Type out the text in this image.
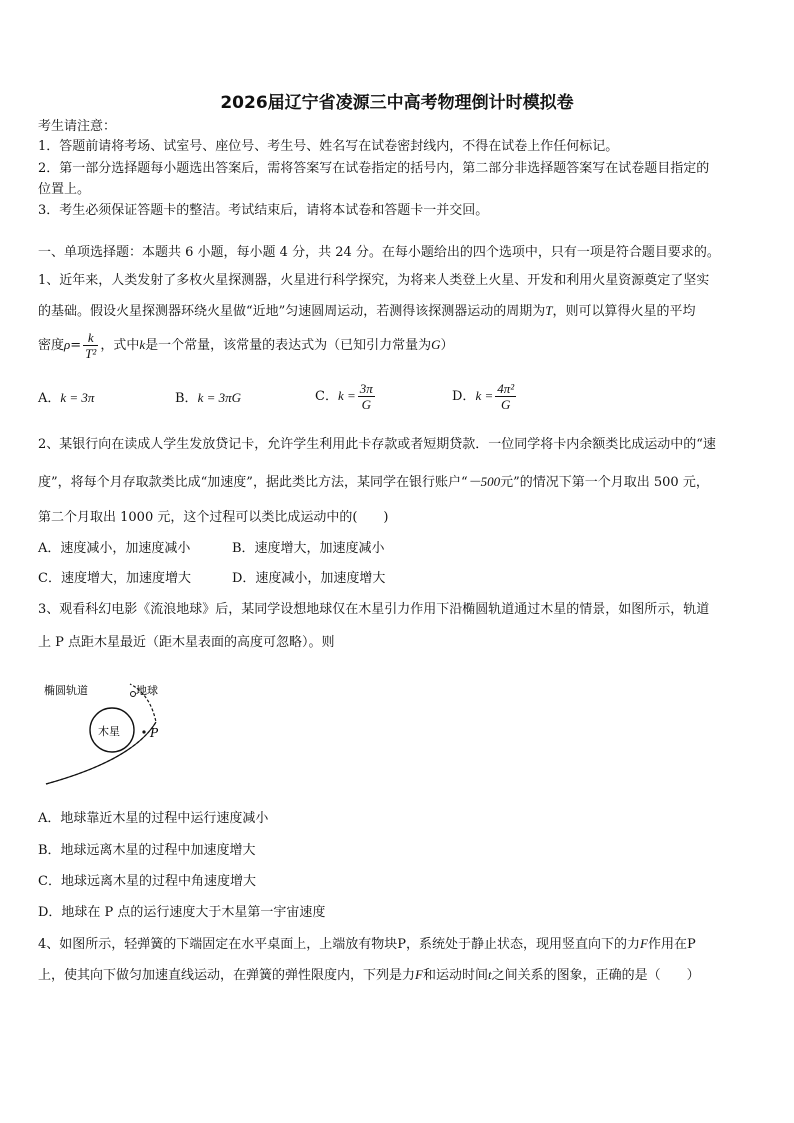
2026届辽宁省凌源三中高考物理倒计时模拟卷
考生请注意：
1．答题前请将考场、试室号、座位号、考生号、姓名写在试卷密封线内，不得在试卷上作任何标记。
2．第一部分选择题每小题选出答案后，需将答案写在试卷指定的括号内，第二部分非选择题答案写在试卷题目指定的
位置上。
3．考生必须保证答题卡的整洁。考试结束后，请将本试卷和答题卡一并交回。
一、单项选择题：本题共 6 小题，每小题 4 分，共 24 分。在每小题给出的四个选项中，只有一项是符合题目要求的。
1、近年来，人类发射了多枚火星探测器，火星进行科学探究，为将来人类登上火星、开发和利用火星资源奠定了坚实
的基础。假设火星探测器环绕火星做“近地”匀速圆周运动，若测得该探测器运动的周期为T，则可以算得火星的平均
密度$\rho= \frac{k}{\text{T²}}$ ，式中k是一个常量，该常量的表达式为（已知引力常量为G）
A．k = 3π	B．k = 3πG	C．$k = \frac{3\pi}{G}$	D．$k = \frac{\text{4π²}}{G}$
2、某银行向在读成人学生发放贷记卡，允许学生利用此卡存款或者短期贷款．一位同学将卡内余额类比成运动中的“速
度”，将每个月存取款类比成“加速度”，据此类比方法，某同学在银行账户“－500元”的情况下第一个月取出 500 元，
第二个月取出 1000 元，这个过程可以类比成运动中的(　　)
A．速度减小，加速度减小	B．速度增大，加速度减小
C．速度增大，加速度增大	D．速度减小，加速度增大
3、观看科幻电影《流浪地球》后，某同学设想地球仅在木星引力作用下沿椭圆轨道通过木星的情景，如图所示，轨道
上 P 点距木星最近（距木星表面的高度可忽略）。则
椭圆轨道	地球
木星	P
A．地球靠近木星的过程中运行速度减小
B．地球远离木星的过程中加速度增大
C．地球远离木星的过程中角速度增大
D．地球在 P 点的运行速度大于木星第一宇宙速度
4、如图所示，轻弹簧的下端固定在水平桌面上，上端放有物块P，系统处于静止状态，现用竖直向下的力F作用在P
上，使其向下做匀加速直线运动，在弹簧的弹性限度内，下列是力F和运动时间t之间关系的图象，正确的是（　　）
